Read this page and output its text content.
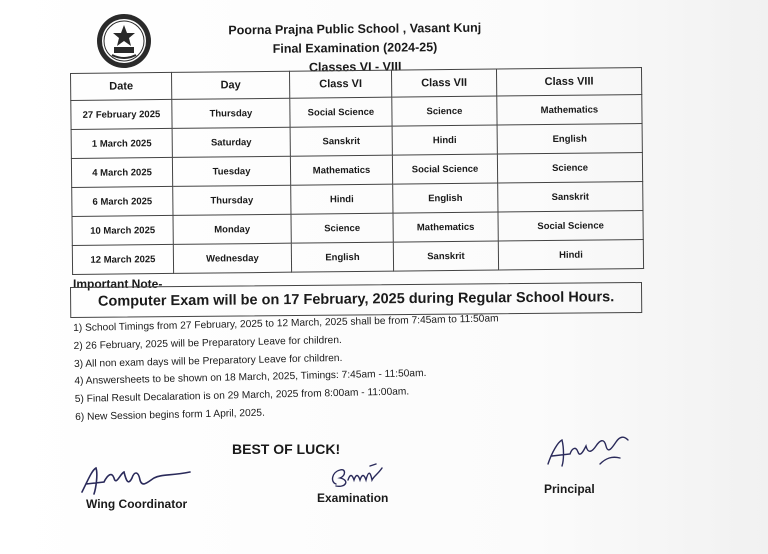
Poorna Prajna Public School , Vasant Kunj
Final Examination (2024-25)
Classes VI - VIII
Date	Day	Class VI	Class VII	Class VIII
27 February 2025	Thursday	Social Science	Science	Mathematics
1 March 2025	Saturday	Sanskrit	Hindi	English
4 March 2025	Tuesday	Mathematics	Social Science	Science
6 March 2025	Thursday	Hindi	English	Sanskrit
10 March 2025	Monday	Science	Mathematics	Social Science
12 March 2025	Wednesday	English	Sanskrit	Hindi
Important Note-
Computer Exam will be on 17 February, 2025 during Regular School Hours.
1) School Timings from 27 February, 2025 to 12 March, 2025 shall be from 7:45am to 11:50am
2) 26 February, 2025 will be Preparatory Leave for children.
3) All non exam days will be Preparatory Leave for children.
4) Answersheets to be shown on 18 March, 2025, Timings: 7:45am - 11:50am.
5) Final Result Decalaration is on 29 March, 2025 from 8:00am - 11:00am.
6) New Session begins form 1 April, 2025.
BEST OF LUCK!
Wing Coordinator	Examination
Principal
